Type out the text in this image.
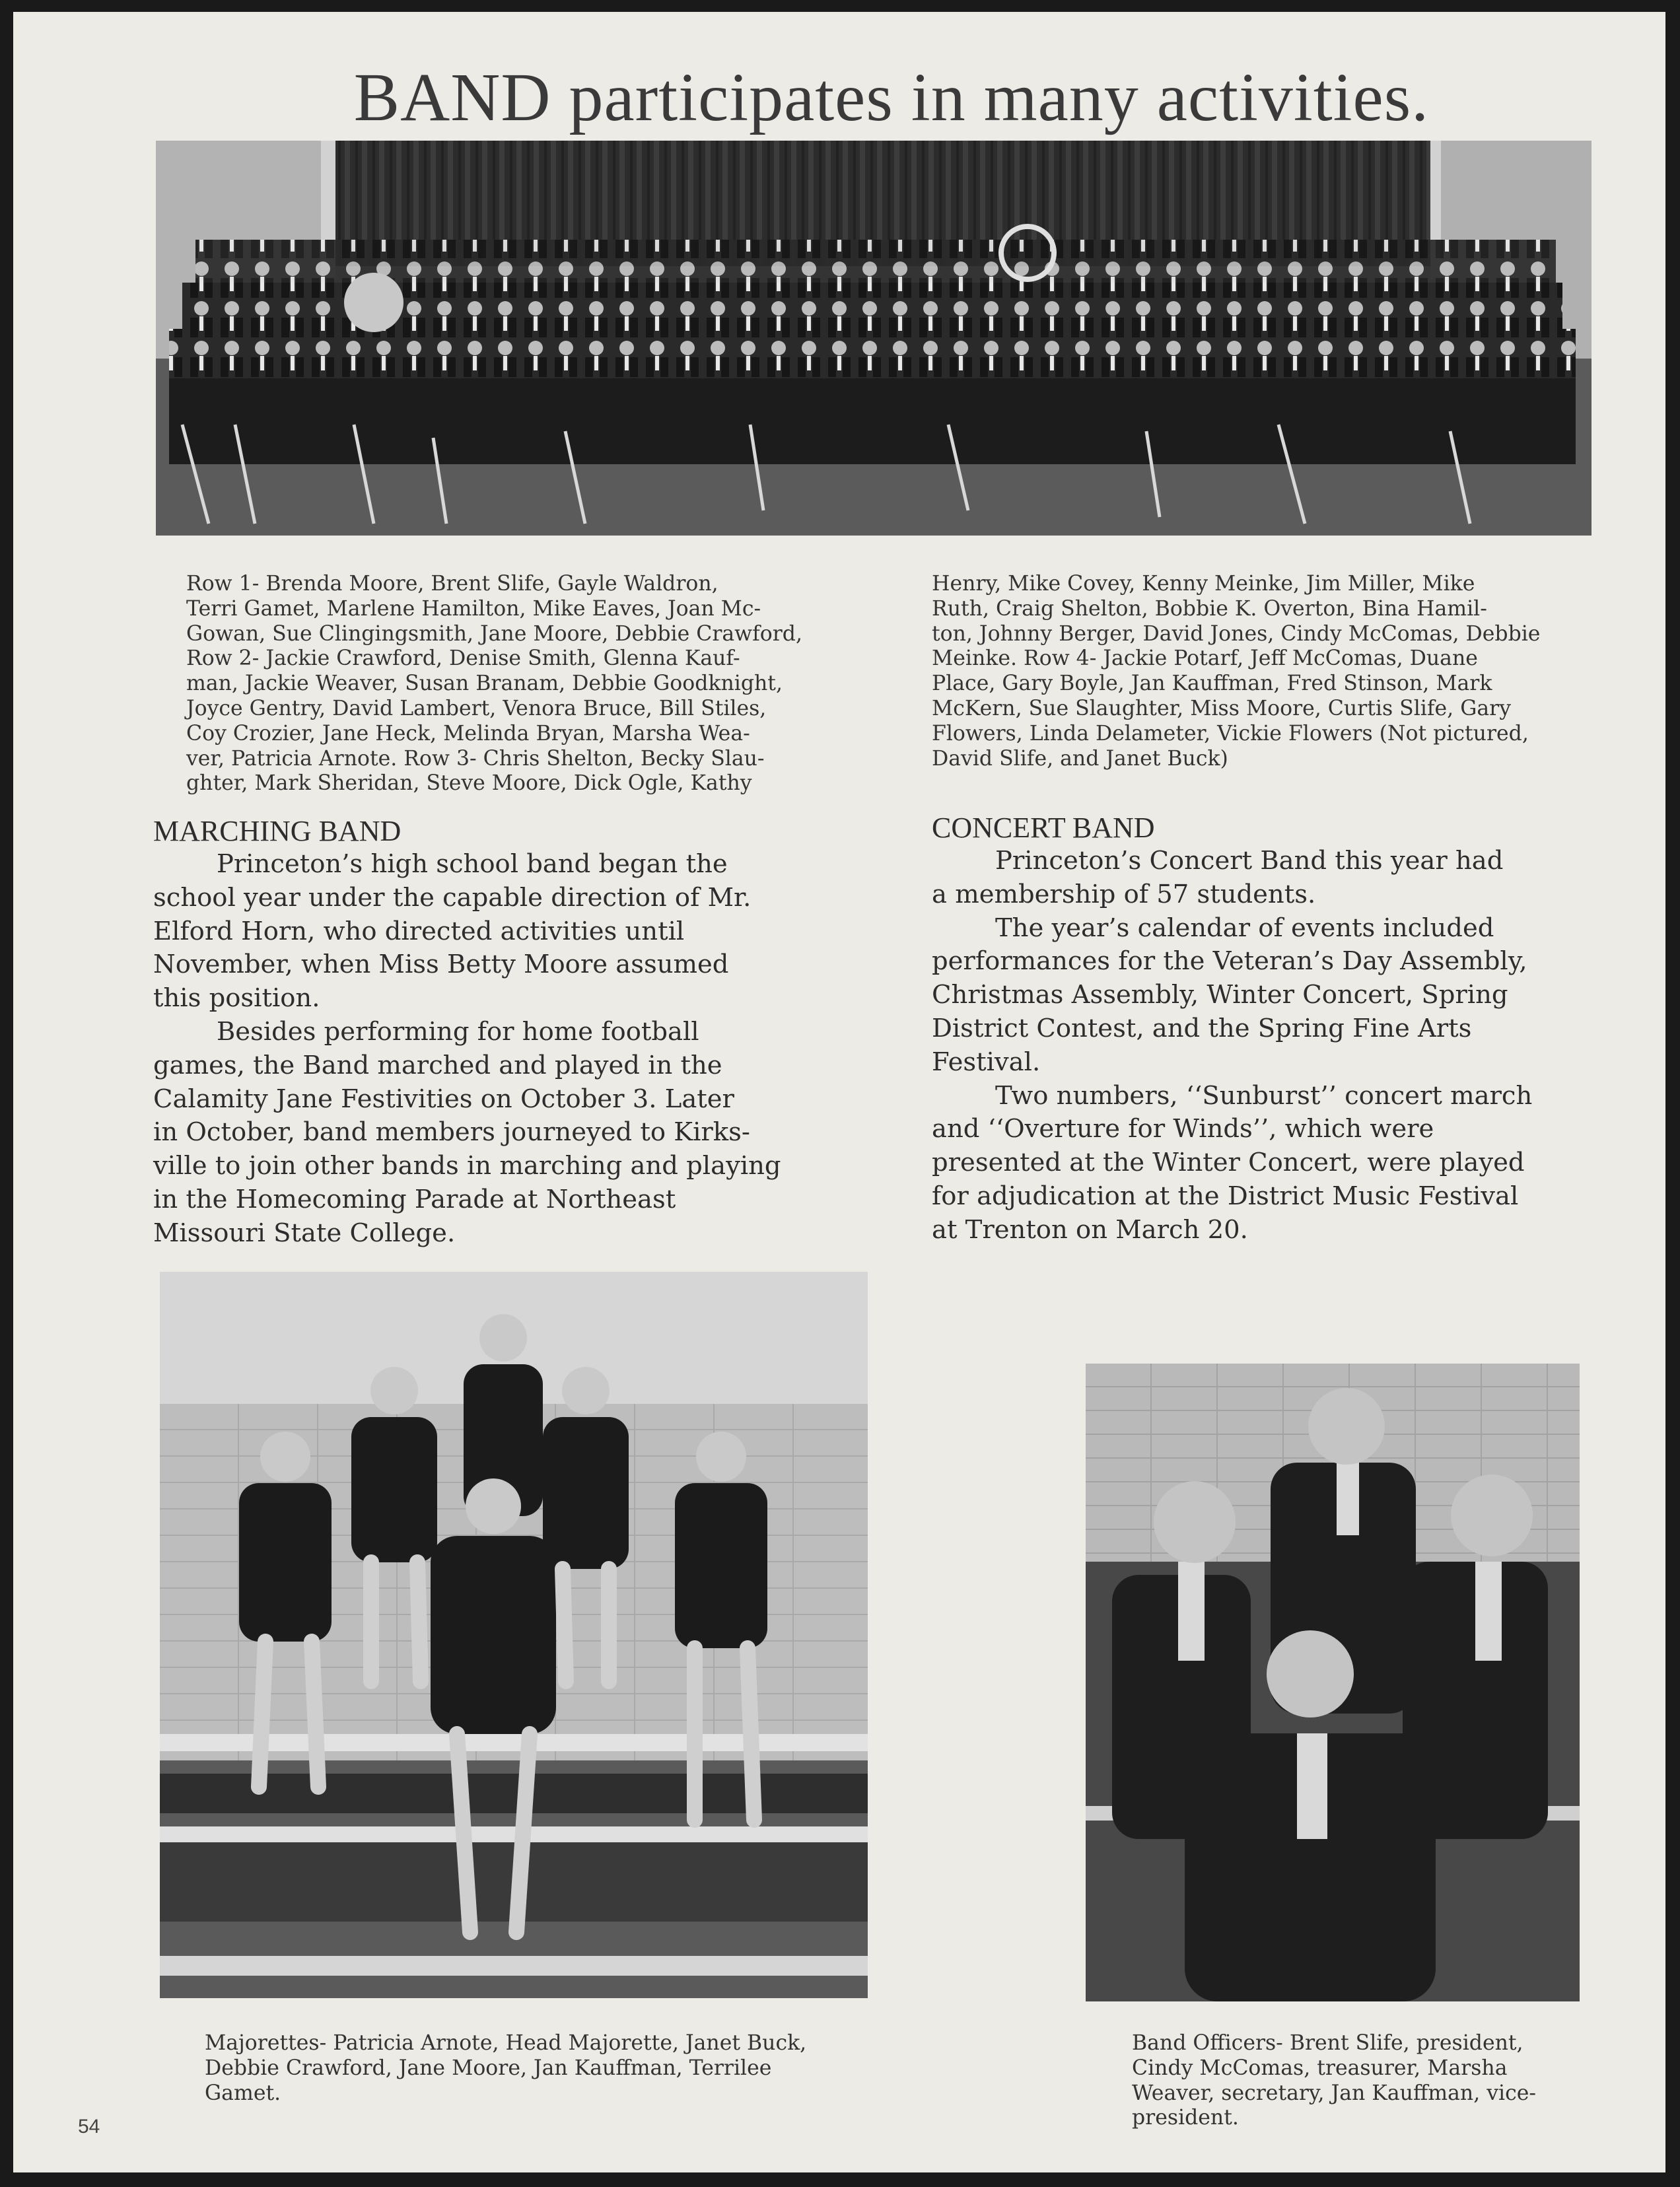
BAND participates in many activities.
Row 1- Brenda Moore, Brent Slife, Gayle Waldron,
Terri Gamet, Marlene Hamilton, Mike Eaves, Joan Mc-
Gowan, Sue Clingingsmith, Jane Moore, Debbie Crawford,
Row 2- Jackie Crawford, Denise Smith, Glenna Kauf-
man, Jackie Weaver, Susan Branam, Debbie Goodknight,
Joyce Gentry, David Lambert, Venora Bruce, Bill Stiles,
Coy Crozier, Jane Heck, Melinda Bryan, Marsha Wea-
ver, Patricia Arnote. Row 3- Chris Shelton, Becky Slau-
ghter, Mark Sheridan, Steve Moore, Dick Ogle, Kathy
Henry, Mike Covey, Kenny Meinke, Jim Miller, Mike
Ruth, Craig Shelton, Bobbie K. Overton, Bina Hamil-
ton, Johnny Berger, David Jones, Cindy McComas, Debbie
Meinke. Row 4- Jackie Potarf, Jeff McComas, Duane
Place, Gary Boyle, Jan Kauffman, Fred Stinson, Mark
McKern, Sue Slaughter, Miss Moore, Curtis Slife, Gary
Flowers, Linda Delameter, Vickie Flowers (Not pictured,
David Slife, and Janet Buck)
MARCHING BAND
Princeton’s high school band began the
school year under the capable direction of Mr.
Elford Horn, who directed activities until
November, when Miss Betty Moore assumed
this position.
Besides performing for home football
games, the Band marched and played in the
Calamity Jane Festivities on October 3. Later
in October, band members journeyed to Kirks-
ville to join other bands in marching and playing
in the Homecoming Parade at Northeast
Missouri State College.
CONCERT BAND
Princeton’s Concert Band this year had
a membership of 57 students.
The year’s calendar of events included
performances for the Veteran’s Day Assembly,
Christmas Assembly, Winter Concert, Spring
District Contest, and the Spring Fine Arts
Festival.
Two numbers, ‘‘Sunburst’’ concert march
and ‘‘Overture for Winds’’, which were
presented at the Winter Concert, were played
for adjudication at the District Music Festival
at Trenton on March 20.
Majorettes- Patricia Arnote, Head Majorette, Janet Buck,
Debbie Crawford, Jane Moore, Jan Kauffman, Terrilee
Gamet.
Band Officers- Brent Slife, president,
Cindy McComas, treasurer, Marsha
Weaver, secretary, Jan Kauffman, vice-
president.
54
